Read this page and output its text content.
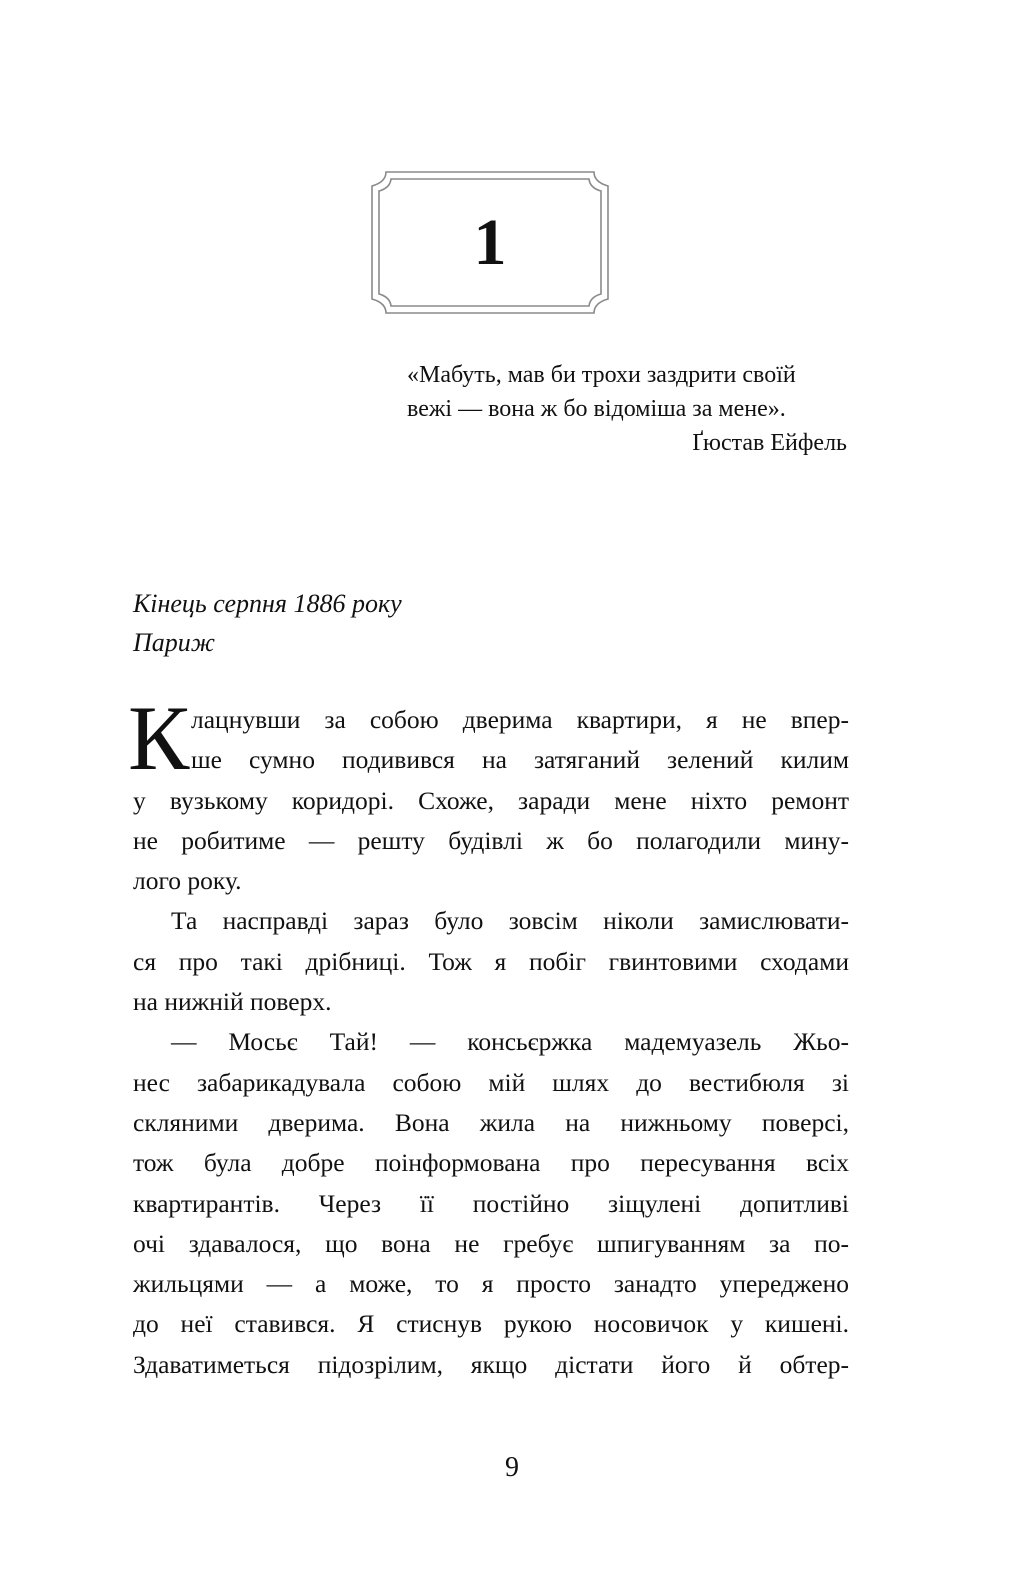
1
«Мабуть, мав би трохи заздрити своїй
вежі — вона ж бо відоміша за мене».
Ґюстав Ейфель
Кінець серпня 1886 року
Париж
К лацнувши за собою дверима квартири, я не впер-
ше сумно подивився на затяганий зелений килим
у вузькому коридорі. Схоже, заради мене ніхто ремонт
не робитиме — решту будівлі ж бо полагодили мину-
лого року.
Та насправді зараз було зовсім ніколи замислювати-
ся про такі дрібниці. Тож я побіг гвинтовими сходами
на нижній поверх.
— Мосьє Тай! — консьєржка мадемуазель Жьо-
нес забарикадувала собою мій шлях до вестибюля зі
скляними дверима. Вона жила на нижньому поверсі,
тож була добре поінформована про пересування всіх
квартирантів. Через її постійно зіщулені допитливі
очі здавалося, що вона не гребує шпигуванням за по-
жильцями — а може, то я просто занадто упереджено
до неї ставився. Я стиснув рукою носовичок у кишені.
Здаватиметься підозрілим, якщо дістати його й обтер-
9
